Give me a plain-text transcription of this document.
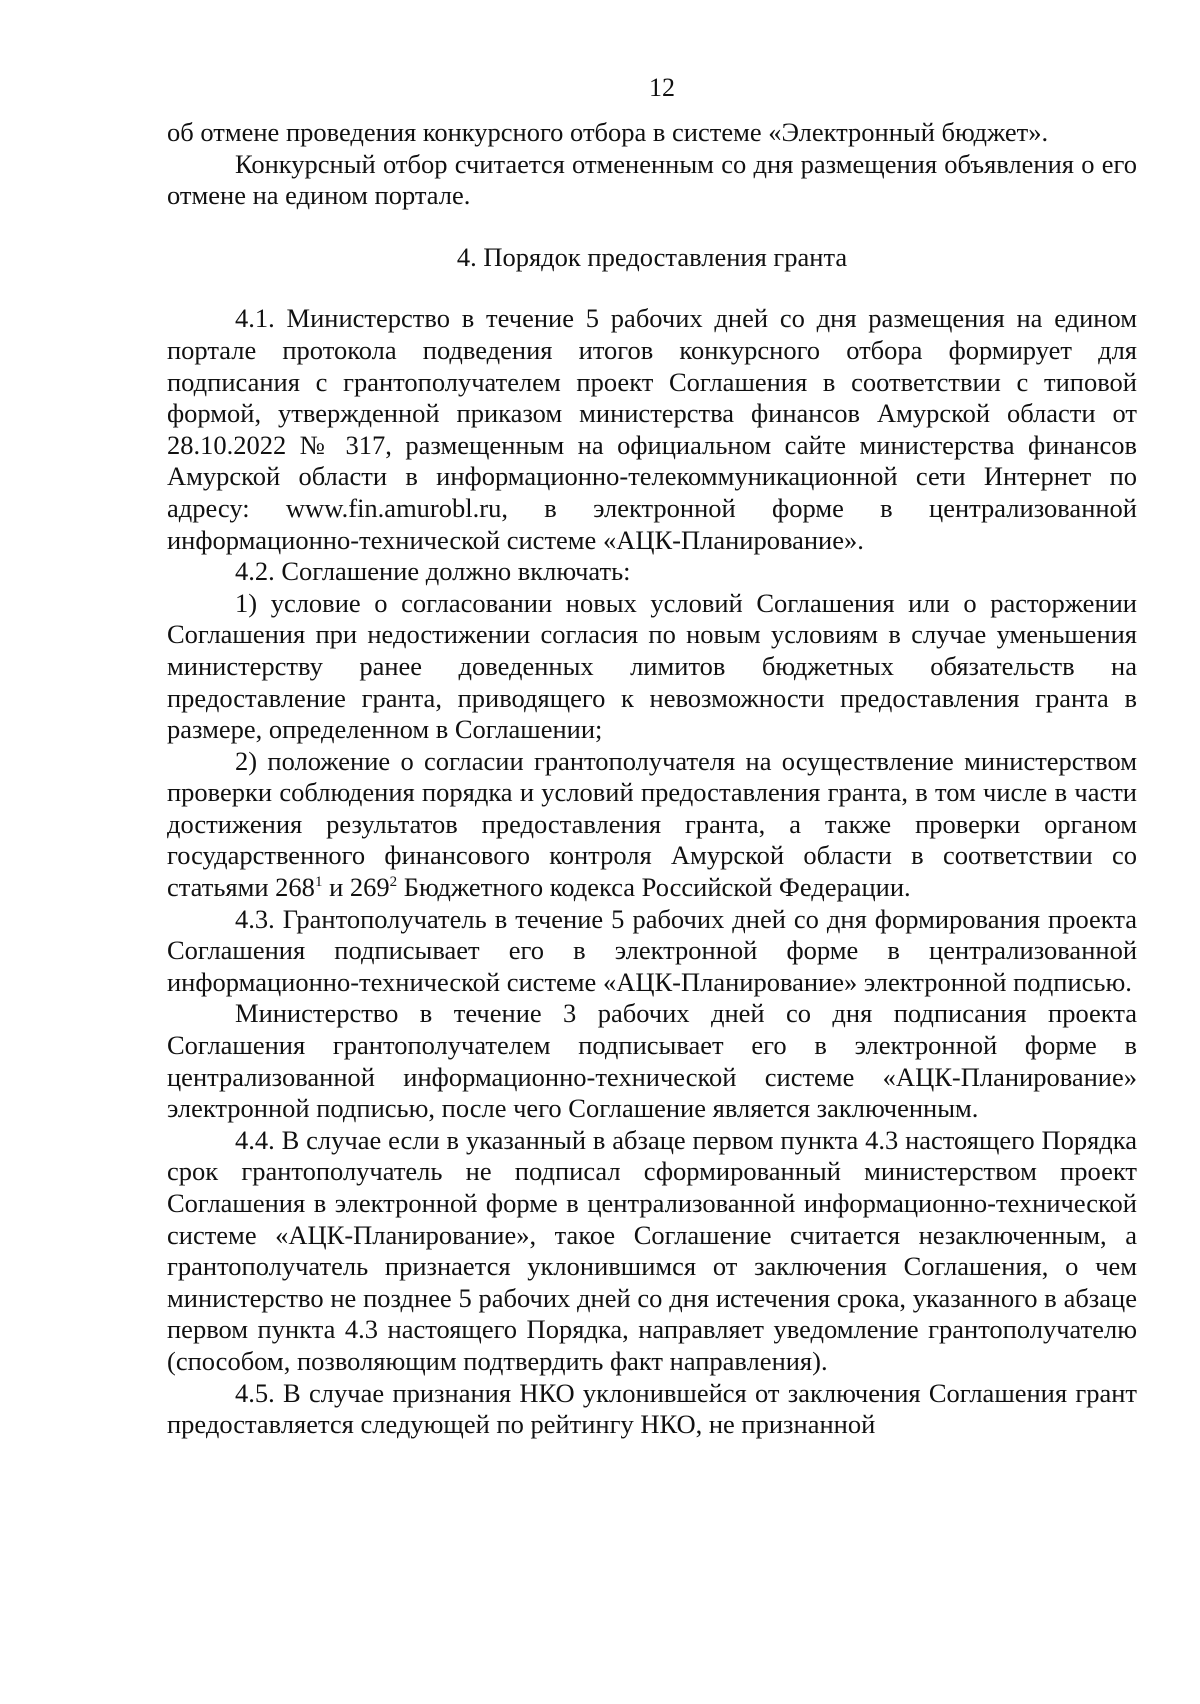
12

об отмене проведения конкурсного отбора в системе «Электронный бюджет».

Конкурсный отбор считается отмененным со дня размещения объявления о его отмене на едином портале.

4. Порядок предоставления гранта

4.1. Министерство в течение 5 рабочих дней со дня размещения на едином портале протокола подведения итогов конкурсного отбора формирует для подписания с грантополучателем проект Соглашения в соответствии с типовой формой, утвержденной приказом министерства финансов Амурской области от 28.10.2022 № 317, размещенным на официальном сайте министерства финансов Амурской области в информационно-телекоммуникационной сети Интернет по адресу: www.fin.amurobl.ru, в электронной форме в централизованной информационно-технической системе «АЦК-Планирование».

4.2. Соглашение должно включать:

1) условие о согласовании новых условий Соглашения или о расторжении Соглашения при недостижении согласия по новым условиям в случае уменьшения министерству ранее доведенных лимитов бюджетных обязательств на предоставление гранта, приводящего к невозможности предоставления гранта в размере, определенном в Соглашении;

2) положение о согласии грантополучателя на осуществление министерством проверки соблюдения порядка и условий предоставления гранта, в том числе в части достижения результатов предоставления гранта, а также проверки органом государственного финансового контроля Амурской области в соответствии со статьями $268^1$ и $269^2$ Бюджетного кодекса Российской Федерации.

4.3. Грантополучатель в течение 5 рабочих дней со дня формирования проекта Соглашения подписывает его в электронной форме в централизованной информационно-технической системе «АЦК-Планирование» электронной подписью.

Министерство в течение 3 рабочих дней со дня подписания проекта Соглашения грантополучателем подписывает его в электронной форме в централизованной информационно-технической системе «АЦК-Планирование» электронной подписью, после чего Соглашение является заключенным.

4.4. В случае если в указанный в абзаце первом пункта 4.3 настоящего Порядка срок грантополучатель не подписал сформированный министерством проект Соглашения в электронной форме в централизованной информационно-технической системе «АЦК-Планирование», такое Соглашение считается незаключенным, а грантополучатель признается уклонившимся от заключения Соглашения, о чем министерство не позднее 5 рабочих дней со дня истечения срока, указанного в абзаце первом пункта 4.3 настоящего Порядка, направляет уведомление грантополучателю (способом, позволяющим подтвердить факт направления).

4.5. В случае признания НКО уклонившейся от заключения Соглашения грант предоставляется следующей по рейтингу НКО, не признанной
